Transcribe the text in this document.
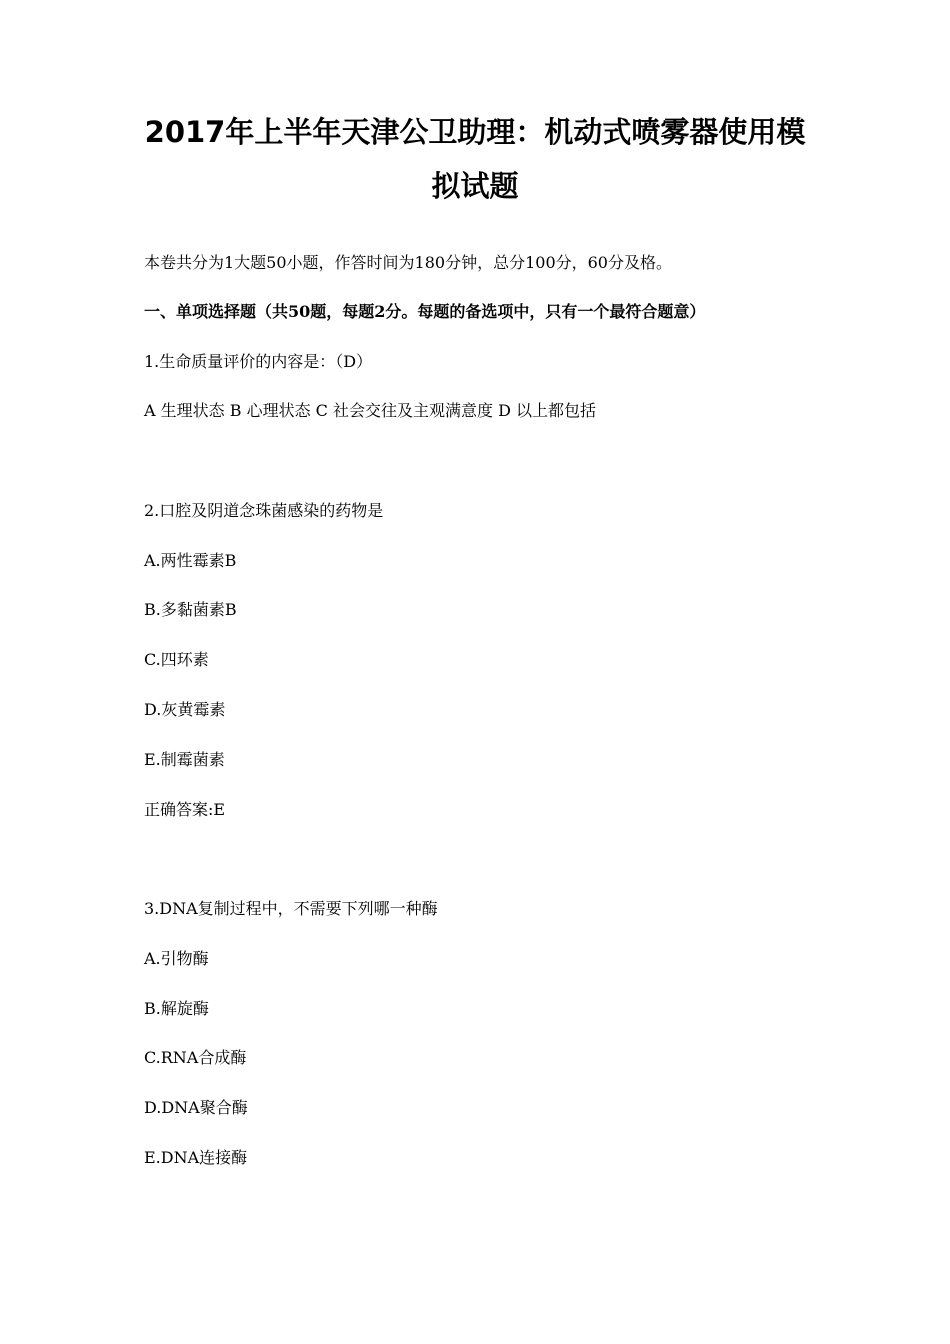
2017年上半年天津公卫助理：机动式喷雾器使用模
拟试题
本卷共分为1大题50小题，作答时间为180分钟，总分100分，60分及格。
一、单项选择题（共50题，每题2分。每题的备选项中，只有一个最符合题意）
1.生命质量评价的内容是：（D）
A 生理状态 B 心理状态 C 社会交往及主观满意度 D 以上都包括
2.口腔及阴道念珠菌感染的药物是
A.两性霉素B
B.多黏菌素B
C.四环素
D.灰黄霉素
E.制霉菌素
正确答案:E
3.DNA复制过程中，不需要下列哪一种酶
A.引物酶
B.解旋酶
C.RNA合成酶
D.DNA聚合酶
E.DNA连接酶
